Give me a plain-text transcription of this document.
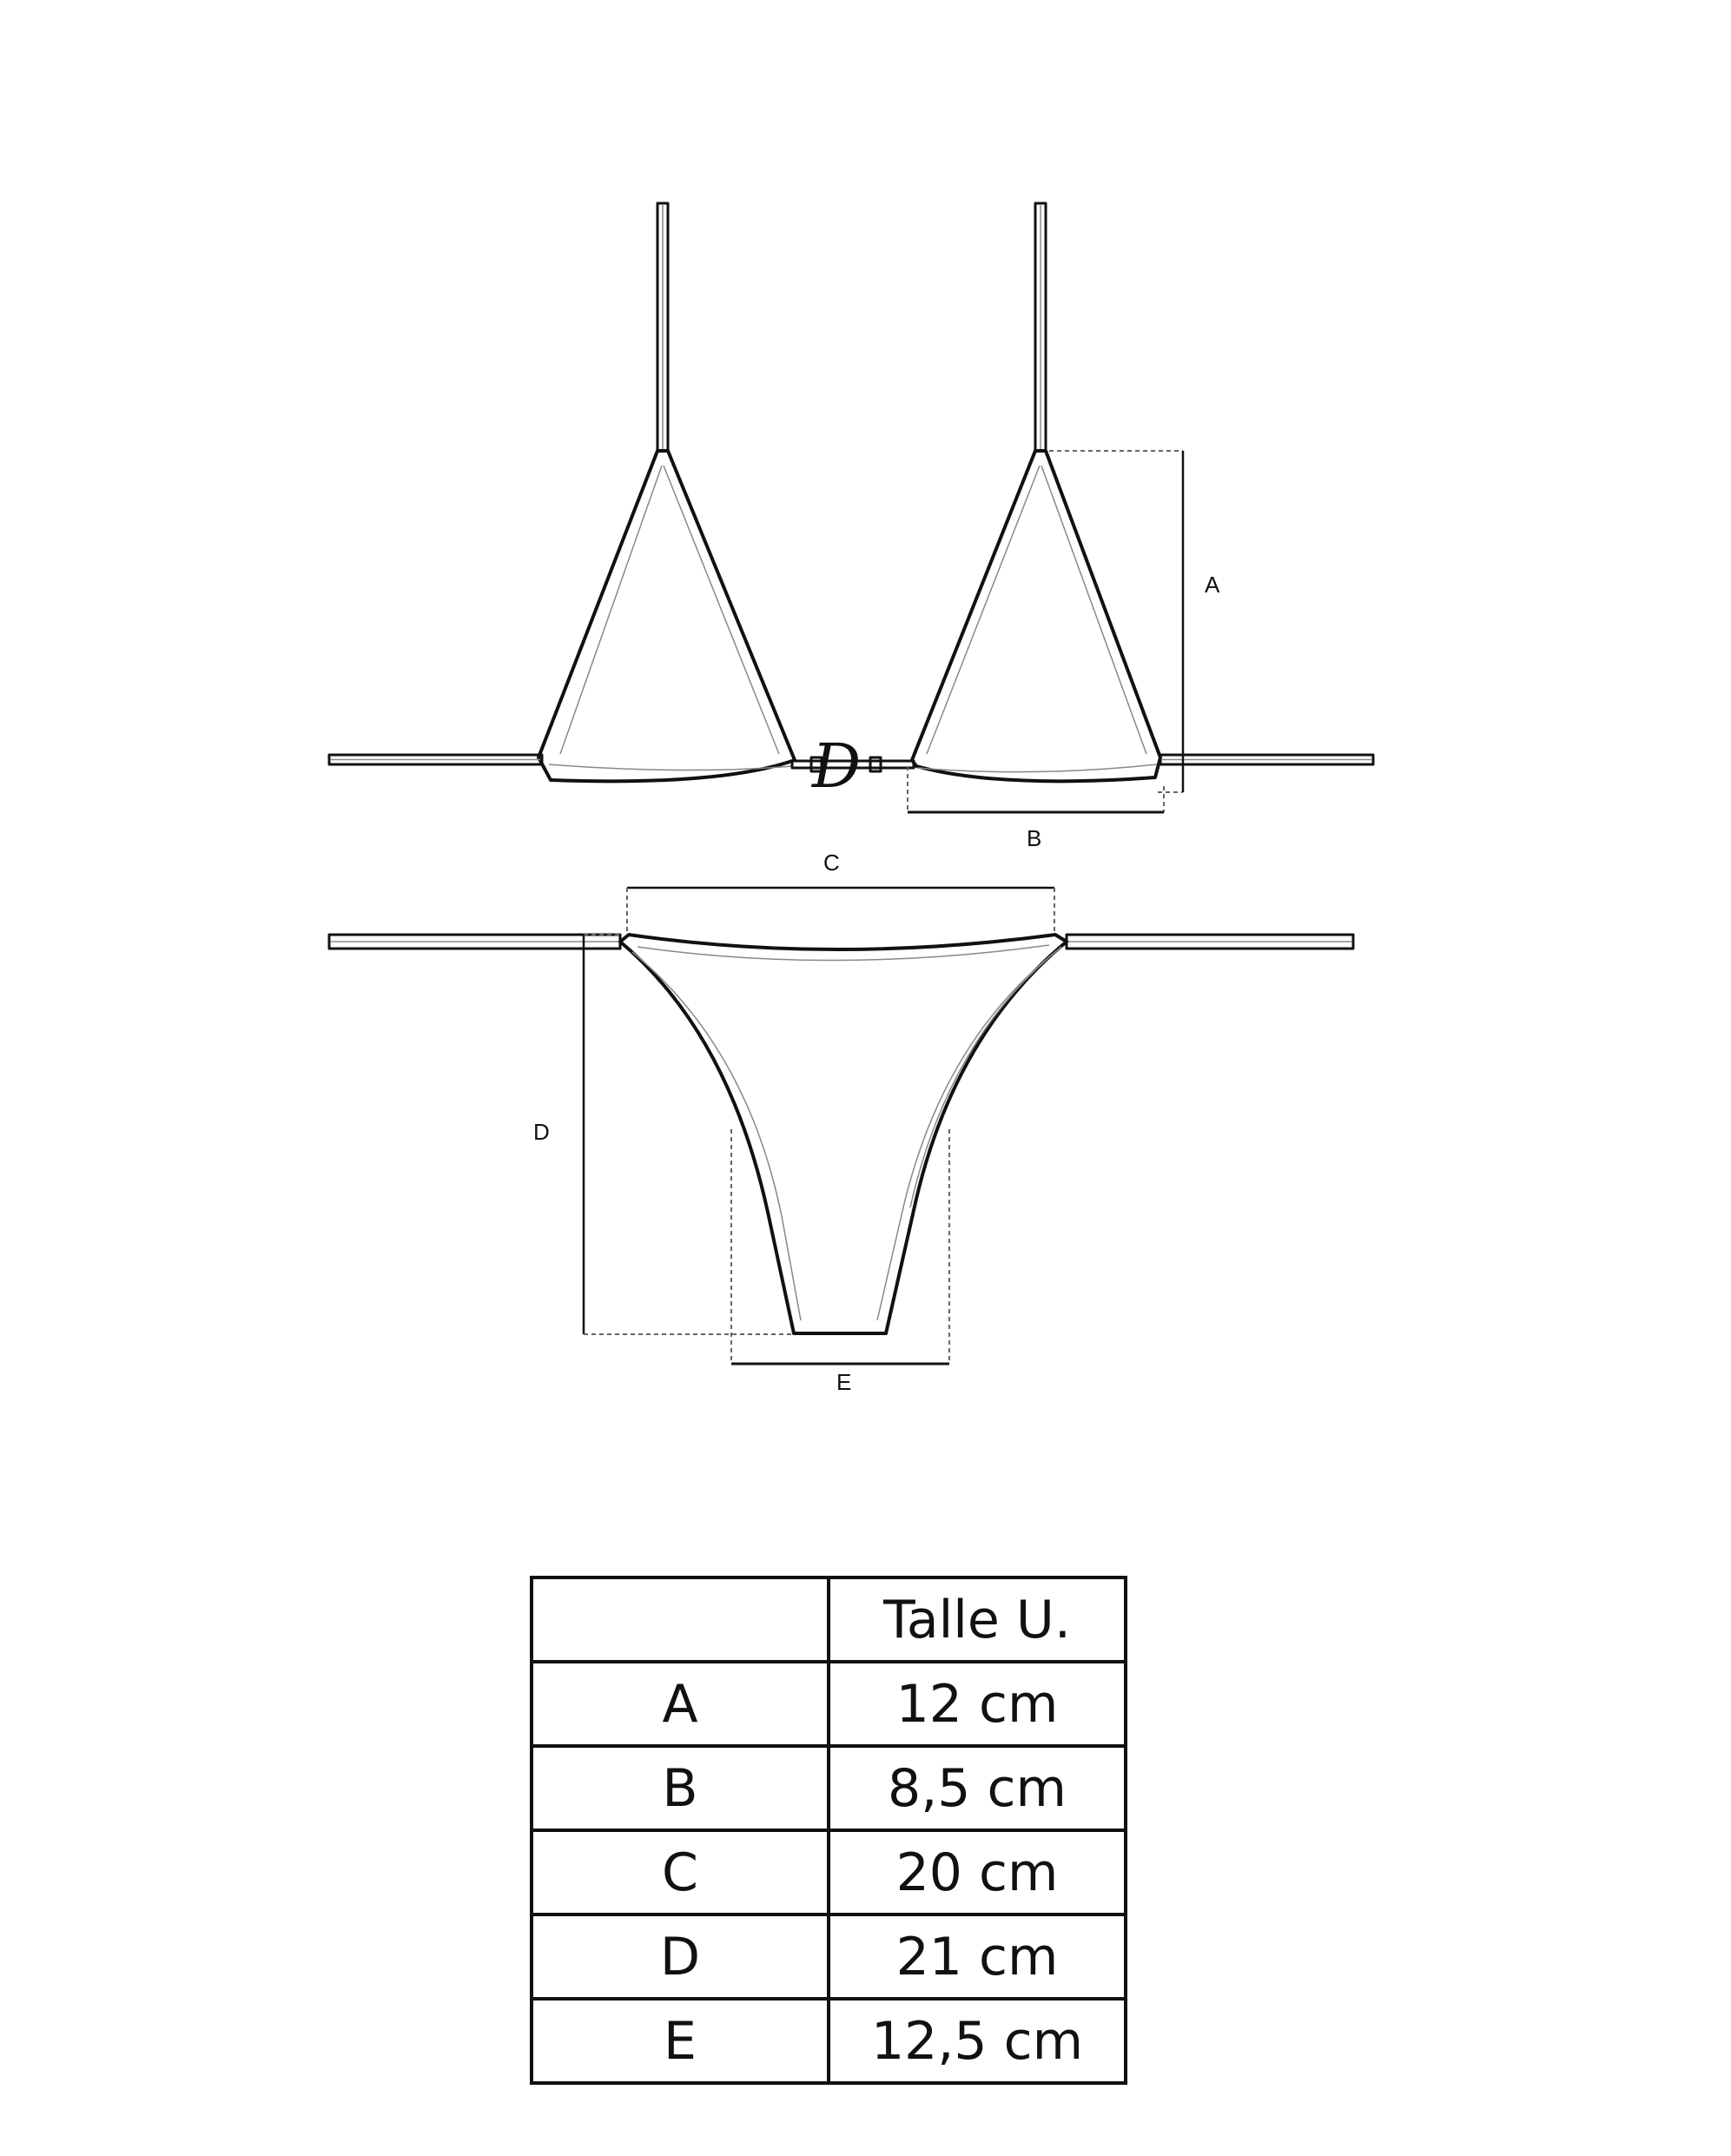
D
A
B
C
D
E
	Talle U.
A	12 cm
B	8,5 cm
C	20 cm
D	21 cm
E	12,5 cm
